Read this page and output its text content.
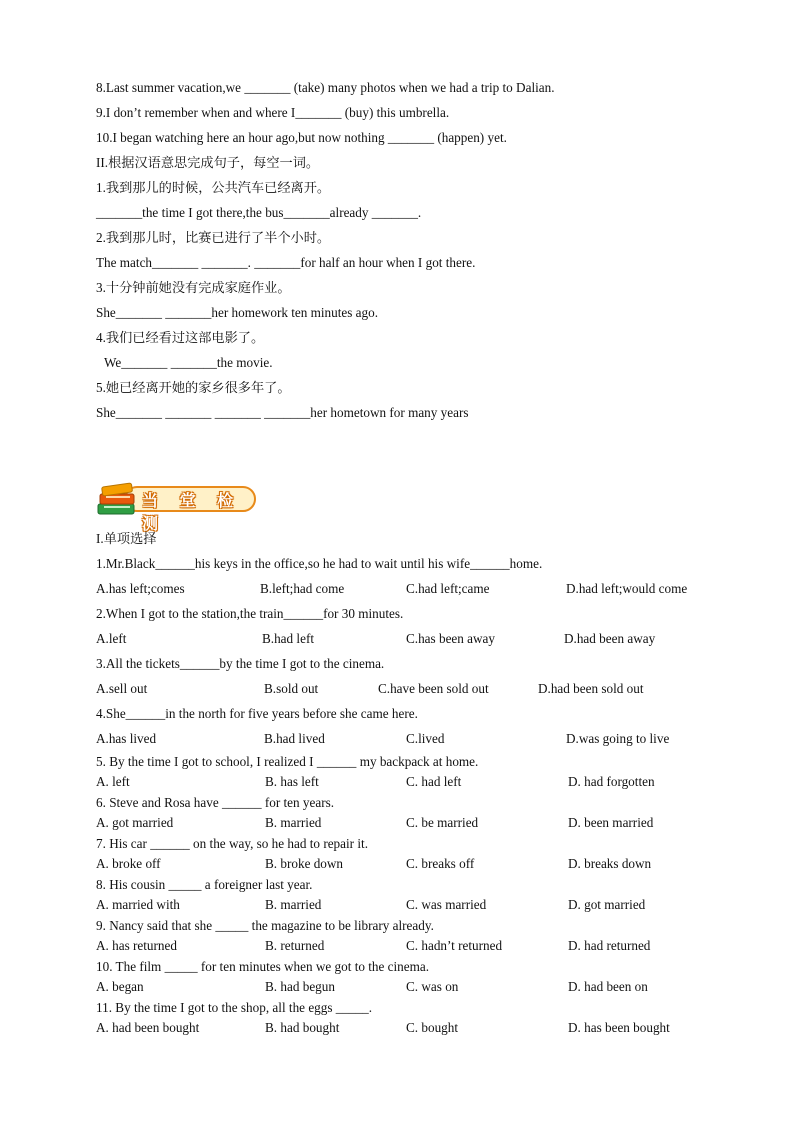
8.Last summer vacation,we _______ (take) many photos when we had a trip to Dalian.
9.I don’t remember when and where I_______ (buy) this umbrella.
10.I began watching here an hour ago,but now nothing _______ (happen) yet.
II.根据汉语意思完成句子，每空一词。
1.我到那儿的时候，公共汽车已经离开。
_______the time I got there,the bus_______already _______.
2.我到那儿时，比赛已进行了半个小时。
The match_______ _______. _______for half an hour when I got there.
3.十分钟前她没有完成家庭作业。
She_______ _______her homework ten minutes ago.
4.我们已经看过这部电影了。
We_______ _______the movie.
5.她已经离开她的家乡很多年了。
She_______ _______ _______ _______her hometown for many years
当 堂 检 测
I.单项选择
1.Mr.Black______his keys in the office,so he had to wait until his wife______home.
A.has left;comes	B.left;had come	C.had left;came	D.had left;would come
2.When I got to the station,the train______for 30 minutes.
A.left	B.had left	C.has been away	D.had been away
3.All the tickets______by the time I got to the cinema.
A.sell out	B.sold out	C.have been sold out	D.had been sold out
4.She______in the north for five years before she came here.
A.has lived	B.had lived	C.lived	D.was going to live
5. By the time I got to school, I realized I ______ my backpack at home.
A. left	B. has left	C. had left	D. had forgotten
6. Steve and Rosa have ______ for ten years.
A. got married	B. married	C. be married	D. been married
7. His car ______ on the way, so he had to repair it.
A. broke off	B. broke down	C. breaks off	D. breaks down
8. His cousin _____ a foreigner last year.
A. married with	B. married	C. was married	D. got married
9. Nancy said that she _____ the magazine to be library already.
A. has returned	B. returned	C. hadn’t returned	D. had returned
10. The film _____ for ten minutes when we got to the cinema.
A. began	B. had begun	C. was on	D. had been on
11. By the time I got to the shop, all the eggs _____.
A. had been bought	B. had bought	C. bought	D. has been bought
